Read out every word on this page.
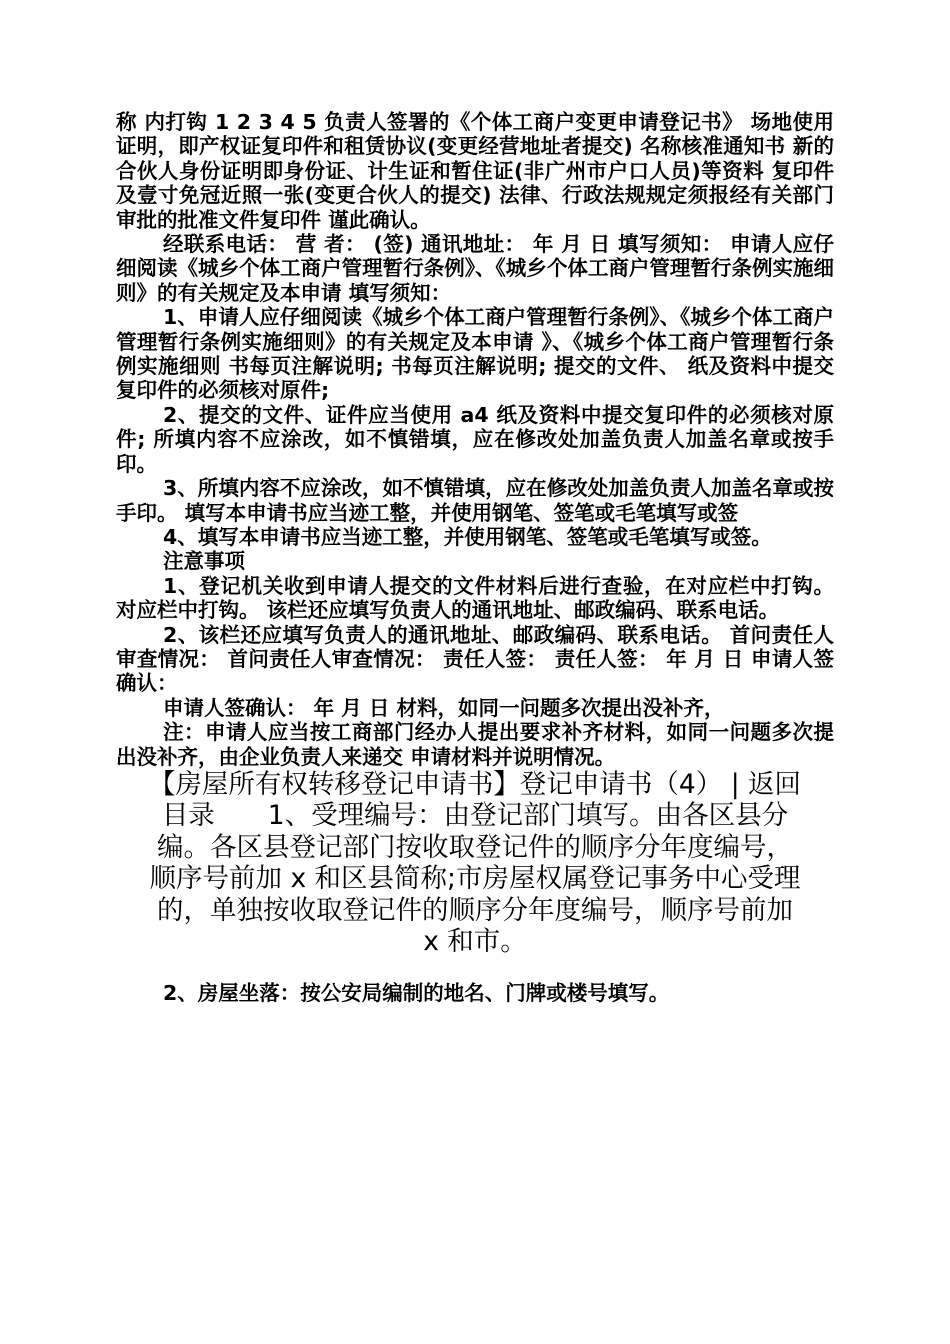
称 内打钩 1 2 3 4 5 负责人签署的《个体工商户变更申请登记书》 场地使用证明，即产权证复印件和租赁协议(变更经营地址者提交) 名称核准通知书 新的合伙人身份证明即身份证、计生证和暂住证(非广州市户口人员)等资料 复印件及壹寸免冠近照一张(变更合伙人的提交) 法律、行政法规规定须报经有关部门审批的批准文件复印件 谨此确认。

经联系电话： 营 者： (签) 通讯地址： 年 月 日 填写须知： 申请人应仔细阅读《城乡个体工商户管理暂行条例》、《城乡个体工商户管理暂行条例实施细则》的有关规定及本申请 填写须知：

1、申请人应仔细阅读《城乡个体工商户管理暂行条例》、《城乡个体工商户管理暂行条例实施细则》的有关规定及本申请 》、《城乡个体工商户管理暂行条例实施细则 书每页注解说明; 书每页注解说明; 提交的文件、 纸及资料中提交复印件的必须核对原件;

2、提交的文件、证件应当使用 a4 纸及资料中提交复印件的必须核对原件; 所填内容不应涂改，如不慎错填，应在修改处加盖负责人加盖名章或按手印。

3、所填内容不应涂改，如不慎错填，应在修改处加盖负责人加盖名章或按手印。 填写本申请书应当迹工整，并使用钢笔、签笔或毛笔填写或签

4、填写本申请书应当迹工整，并使用钢笔、签笔或毛笔填写或签。

注意事项

1、登记机关收到申请人提交的文件材料后进行查验，在对应栏中打钩。 对应栏中打钩。 该栏还应填写负责人的通讯地址、邮政编码、联系电话。

2、该栏还应填写负责人的通讯地址、邮政编码、联系电话。 首问责任人审查情况： 首问责任人审查情况： 责任人签： 责任人签： 年 月 日 申请人签确认：

申请人签确认： 年 月 日 材料，如同一问题多次提出没补齐，

注：申请人应当按工商部门经办人提出要求补齐材料，如同一问题多次提出没补齐，由企业负责人来递交 申请材料并说明情况。

【房屋所有权转移登记申请书】登记申请书（4） | 返回

目录　　1、受理编号：由登记部门填写。由各区县分

编。各区县登记部门按收取登记件的顺序分年度编号，

顺序号前加 x 和区县简称;市房屋权属登记事务中心受理

的，单独按收取登记件的顺序分年度编号，顺序号前加

x 和市。

2、房屋坐落：按公安局编制的地名、门牌或楼号填写。
